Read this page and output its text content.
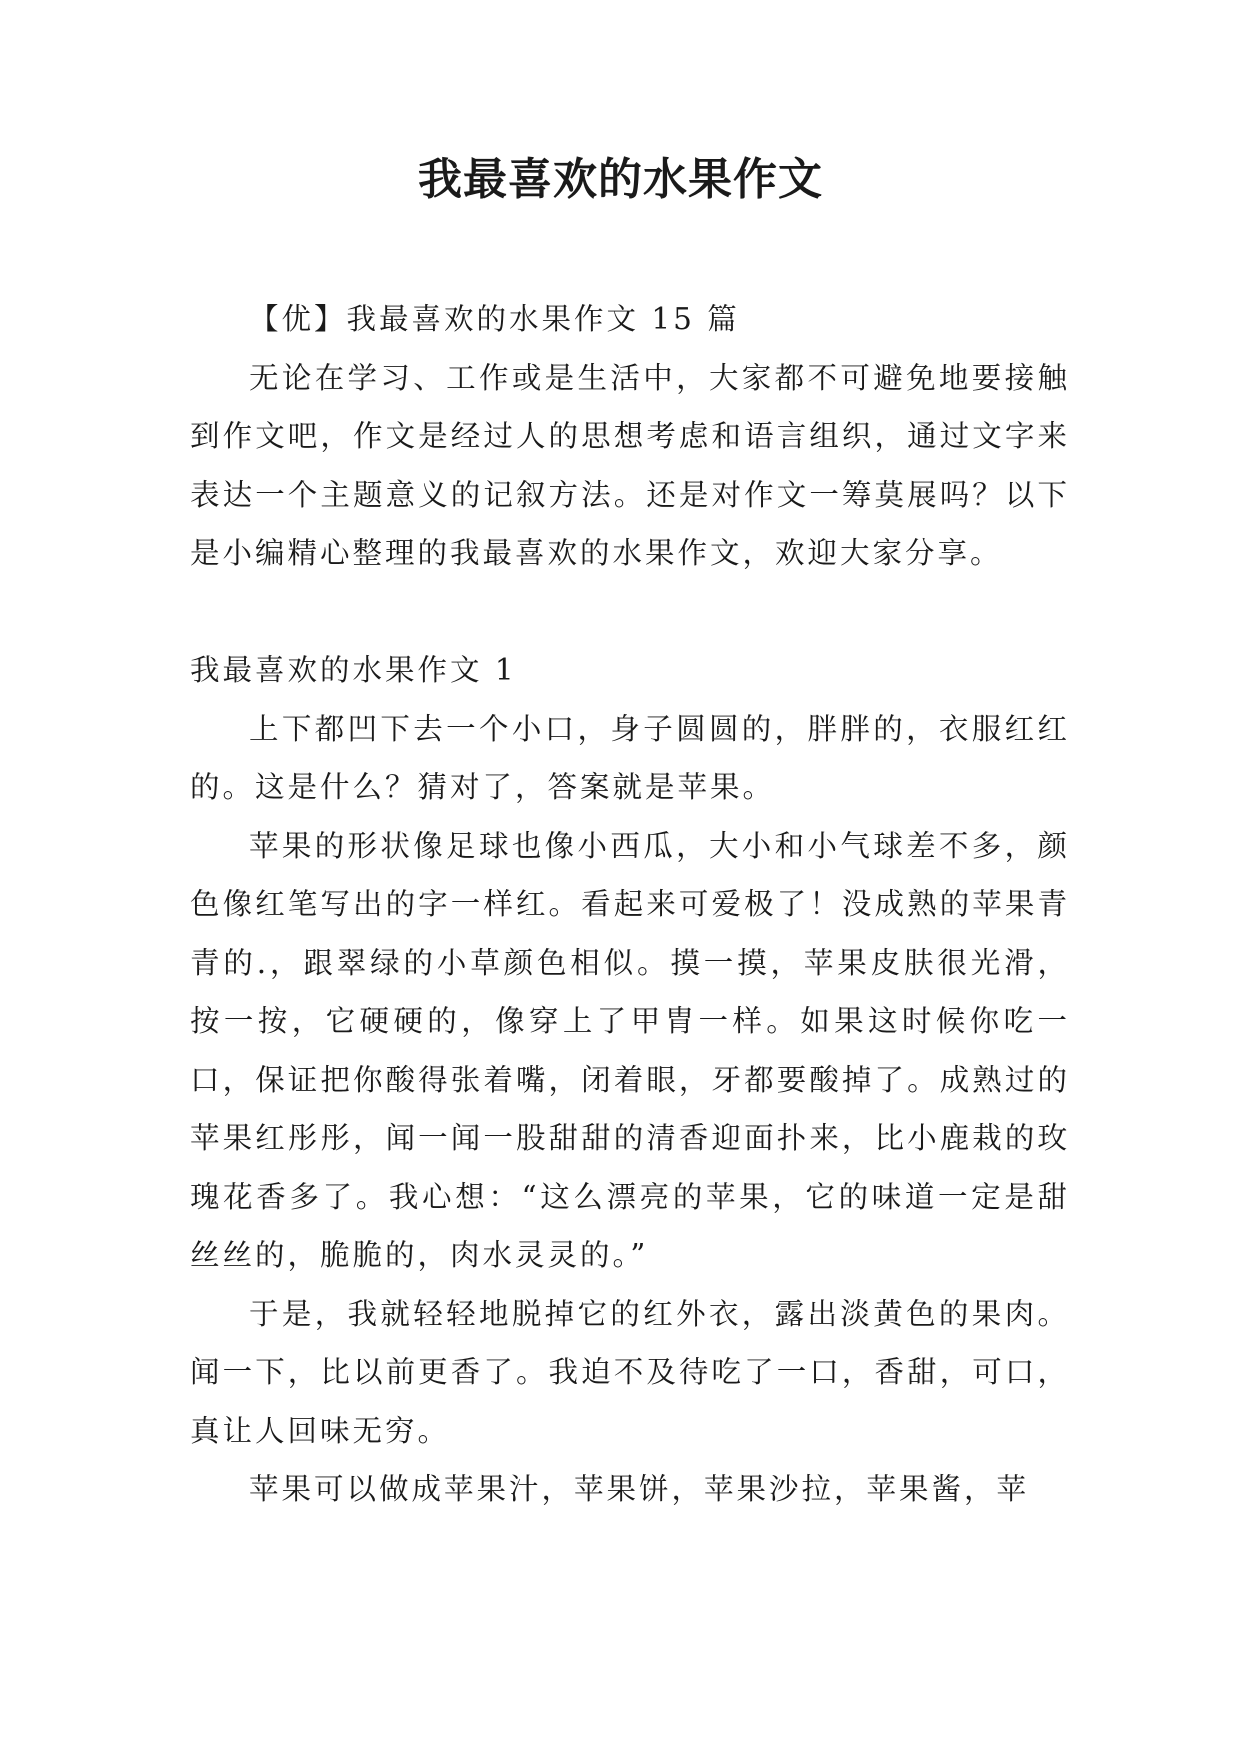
我最喜欢的水果作文

【优】我最喜欢的水果作文 15 篇

无论在学习、工作或是生活中，大家都不可避免地要接触到作文吧，作文是经过人的思想考虑和语言组织，通过文字来表达一个主题意义的记叙方法。还是对作文一筹莫展吗？以下是小编精心整理的我最喜欢的水果作文，欢迎大家分享。

我最喜欢的水果作文 1

上下都凹下去一个小口，身子圆圆的，胖胖的，衣服红红的。这是什么？猜对了，答案就是苹果。

苹果的形状像足球也像小西瓜，大小和小气球差不多，颜色像红笔写出的字一样红。看起来可爱极了！没成熟的苹果青青的.，跟翠绿的小草颜色相似。摸一摸，苹果皮肤很光滑，按一按，它硬硬的，像穿上了甲胄一样。如果这时候你吃一口，保证把你酸得张着嘴，闭着眼，牙都要酸掉了。成熟过的苹果红彤彤，闻一闻一股甜甜的清香迎面扑来，比小鹿栽的玫瑰花香多了。我心想：“这么漂亮的苹果，它的味道一定是甜丝丝的，脆脆的，肉水灵灵的。”

于是，我就轻轻地脱掉它的红外衣，露出淡黄色的果肉。闻一下，比以前更香了。我迫不及待吃了一口，香甜，可口，真让人回味无穷。

苹果可以做成苹果汁，苹果饼，苹果沙拉，苹果酱，苹
